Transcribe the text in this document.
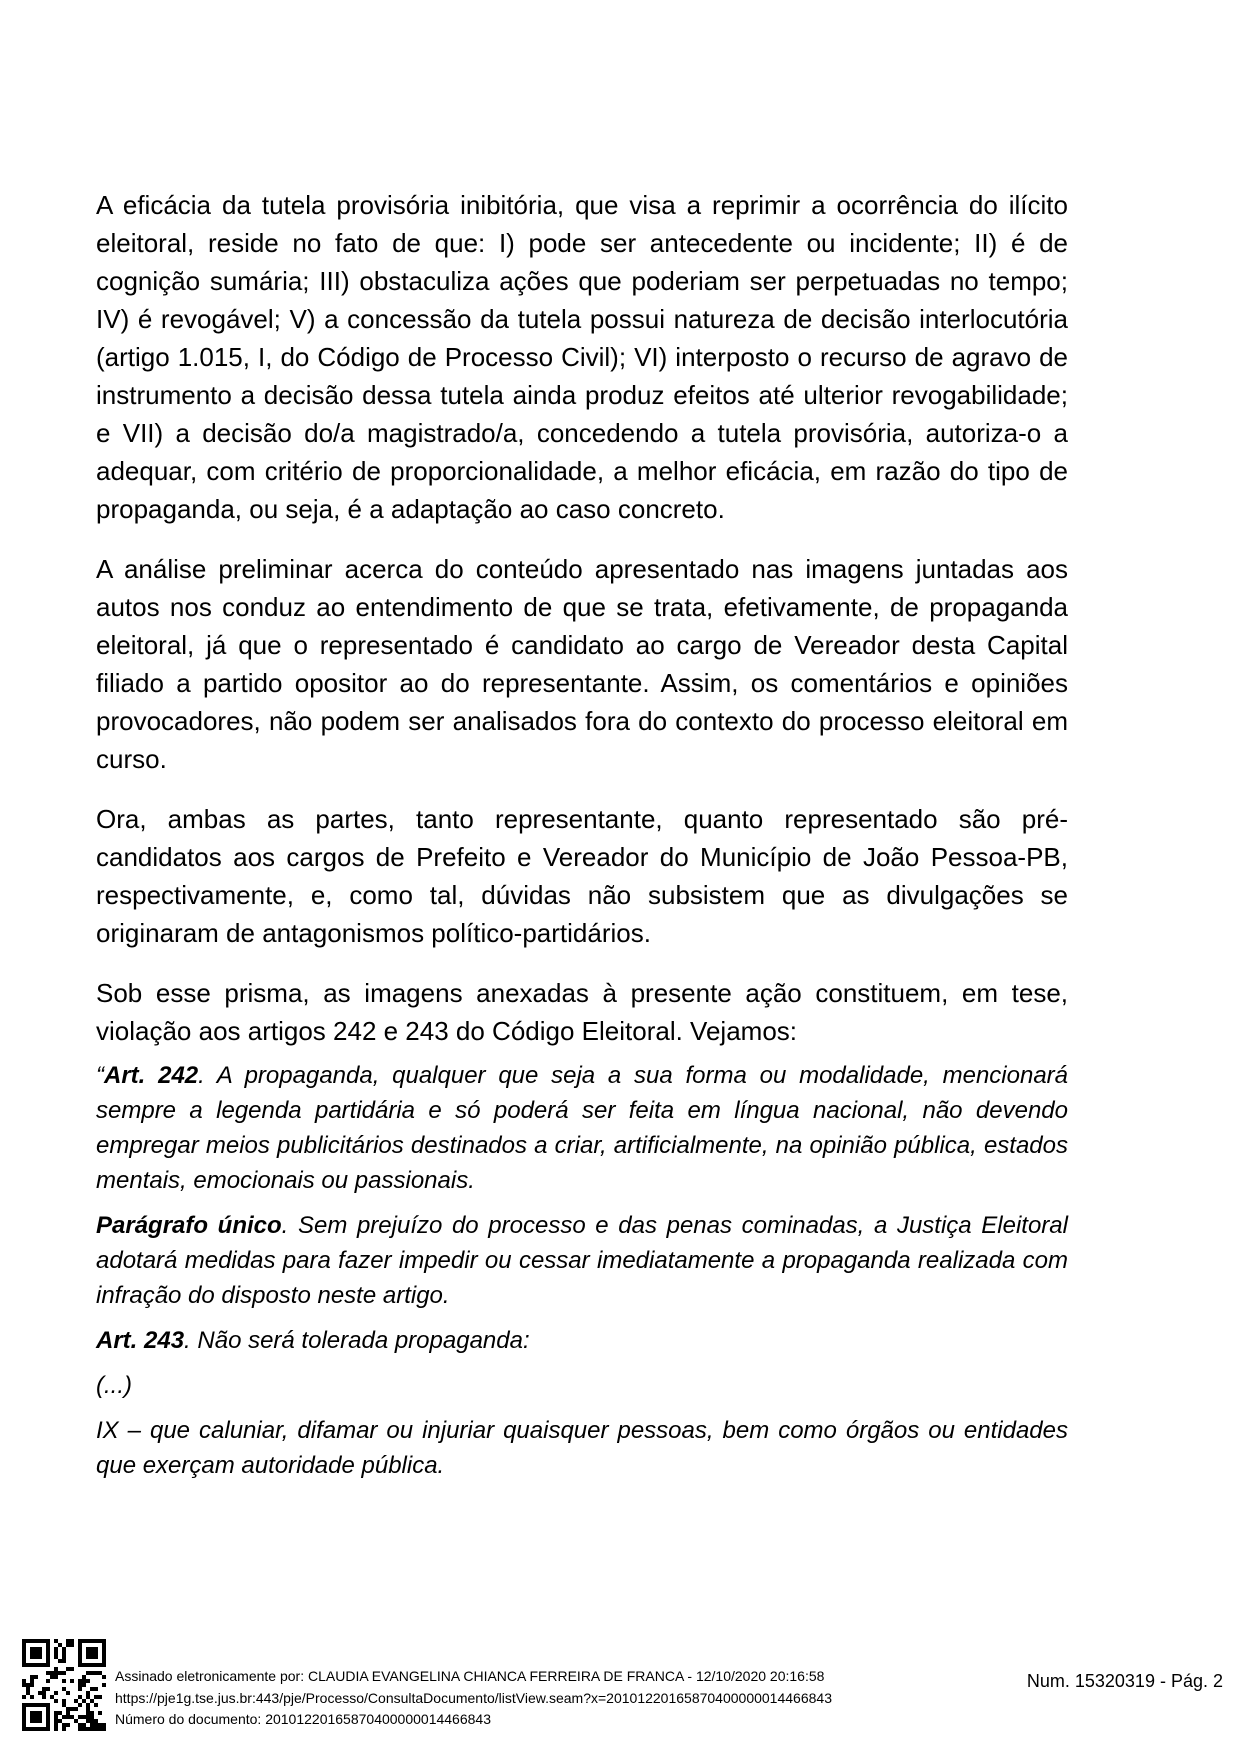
A eficácia da tutela provisória inibitória, que visa a reprimir a ocorrência do ilícito eleitoral, reside no fato de que: I) pode ser antecedente ou incidente; II) é de cognição sumária; III) obstaculiza ações que poderiam ser perpetuadas no tempo; IV) é revogável; V) a concessão da tutela possui natureza de decisão interlocutória (artigo 1.015, I, do Código de Processo Civil); VI) interposto o recurso de agravo de instrumento a decisão dessa tutela ainda produz efeitos até ulterior revogabilidade; e VII) a decisão do/a magistrado/a, concedendo a tutela provisória, autoriza-o a adequar, com critério de proporcionalidade, a melhor eficácia, em razão do tipo de propaganda, ou seja, é a adaptação ao caso concreto.

A análise preliminar acerca do conteúdo apresentado nas imagens juntadas aos autos nos conduz ao entendimento de que se trata, efetivamente, de propaganda eleitoral, já que o representado é candidato ao cargo de Vereador desta Capital filiado a partido opositor ao do representante. Assim, os comentários e opiniões provocadores, não podem ser analisados fora do contexto do processo eleitoral em curso.

Ora, ambas as partes, tanto representante, quanto representado são pré-candidatos aos cargos de Prefeito e Vereador do Município de João Pessoa-PB, respectivamente, e, como tal, dúvidas não subsistem que as divulgações se originaram de antagonismos político-partidários.

Sob esse prisma, as imagens anexadas à presente ação constituem, em tese, violação aos artigos 242 e 243 do Código Eleitoral. Vejamos:

“Art. 242. A propaganda, qualquer que seja a sua forma ou modalidade, mencionará sempre a legenda partidária e só poderá ser feita em língua nacional, não devendo empregar meios publicitários destinados a criar, artificialmente, na opinião pública, estados mentais, emocionais ou passionais.

Parágrafo único. Sem prejuízo do processo e das penas cominadas, a Justiça Eleitoral adotará medidas para fazer impedir ou cessar imediatamente a propaganda realizada com infração do disposto neste artigo.

Art. 243. Não será tolerada propaganda:

(...)

IX – que caluniar, difamar ou injuriar quaisquer pessoas, bem como órgãos ou entidades que exerçam autoridade pública.

Assinado eletronicamente por: CLAUDIA EVANGELINA CHIANCA FERREIRA DE FRANCA - 12/10/2020 20:16:58
https://pje1g.tse.jus.br:443/pje/Processo/ConsultaDocumento/listView.seam?x=20101220165870400000014466843
Número do documento: 20101220165870400000014466843
Num. 15320319 - Pág. 2
